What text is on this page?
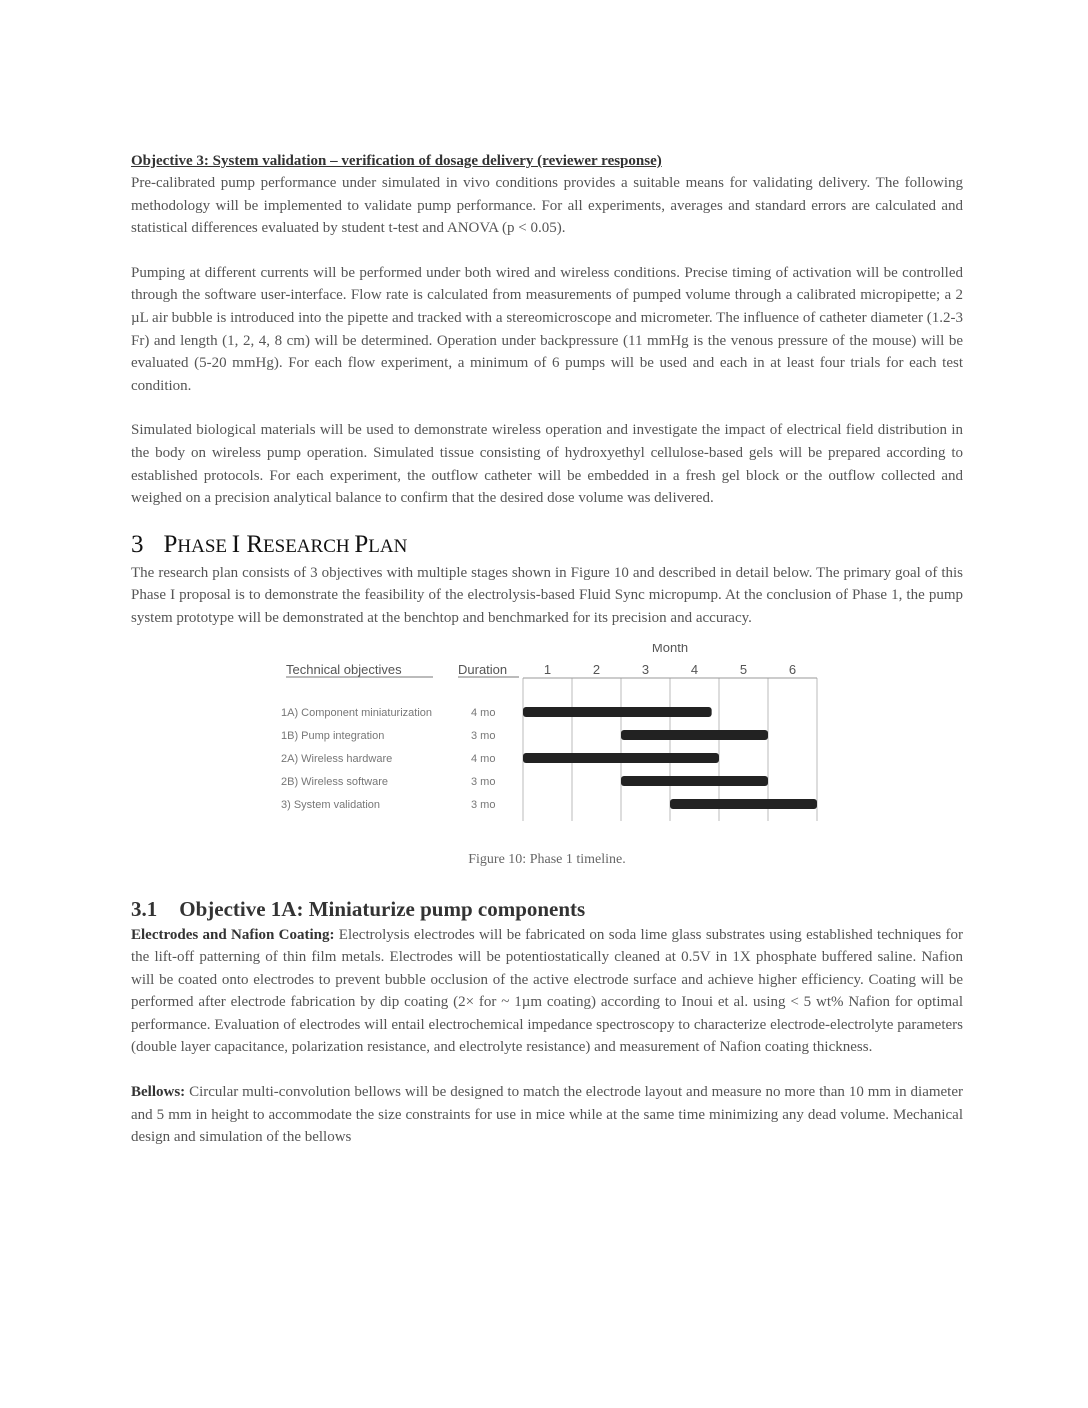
Objective 3: System validation – verification of dosage delivery (reviewer response)

Pre-calibrated pump performance under simulated in vivo conditions provides a suitable means for validating delivery. The following methodology will be implemented to validate pump performance. For all experiments, averages and standard errors are calculated and statistical differences evaluated by student t-test and ANOVA (p < 0.05).

Pumping at different currents will be performed under both wired and wireless conditions. Precise timing of activation will be controlled through the software user-interface. Flow rate is calculated from measurements of pumped volume through a calibrated micropipette; a 2 µL air bubble is introduced into the pipette and tracked with a stereomicroscope and micrometer. The influence of catheter diameter (1.2-3 Fr) and length (1, 2, 4, 8 cm) will be determined. Operation under backpressure (11 mmHg is the venous pressure of the mouse) will be evaluated (5-20 mmHg). For each flow experiment, a minimum of 6 pumps will be used and each in at least four trials for each test condition.

Simulated biological materials will be used to demonstrate wireless operation and investigate the impact of electrical field distribution in the body on wireless pump operation. Simulated tissue consisting of hydroxyethyl cellulose-based gels will be prepared according to established protocols. For each experiment, the outflow catheter will be embedded in a fresh gel block or the outflow collected and weighed on a precision analytical balance to confirm that the desired dose volume was delivered.

3 PHASE I RESEARCH PLAN

The research plan consists of 3 objectives with multiple stages shown in Figure 10 and described in detail below. The primary goal of this Phase I proposal is to demonstrate the feasibility of the electrolysis-based Fluid Sync micropump. At the conclusion of Phase 1, the pump system prototype will be demonstrated at the benchtop and benchmarked for its precision and accuracy.

Month
Technical objectives	Duration	1	2	3	4	5	6
1A) Component miniaturization	4 mo
1B) Pump integration	3 mo
2A) Wireless hardware	4 mo
2B) Wireless software	3 mo
3) System validation	3 mo
Figure 10: Phase 1 timeline.
3.1 Objective 1A: Miniaturize pump components

Electrodes and Nafion Coating: Electrolysis electrodes will be fabricated on soda lime glass substrates using established techniques for the lift-off patterning of thin film metals. Electrodes will be potentiostatically cleaned at 0.5V in 1X phosphate buffered saline. Nafion will be coated onto electrodes to prevent bubble occlusion of the active electrode surface and achieve higher efficiency. Coating will be performed after electrode fabrication by dip coating (2× for ~ 1µm coating) according to Inoui et al. using < 5 wt% Nafion for optimal performance. Evaluation of electrodes will entail electrochemical impedance spectroscopy to characterize electrode-electrolyte parameters (double layer capacitance, polarization resistance, and electrolyte resistance) and measurement of Nafion coating thickness.

Bellows: Circular multi-convolution bellows will be designed to match the electrode layout and measure no more than 10 mm in diameter and 5 mm in height to accommodate the size constraints for use in mice while at the same time minimizing any dead volume. Mechanical design and simulation of the bellows
